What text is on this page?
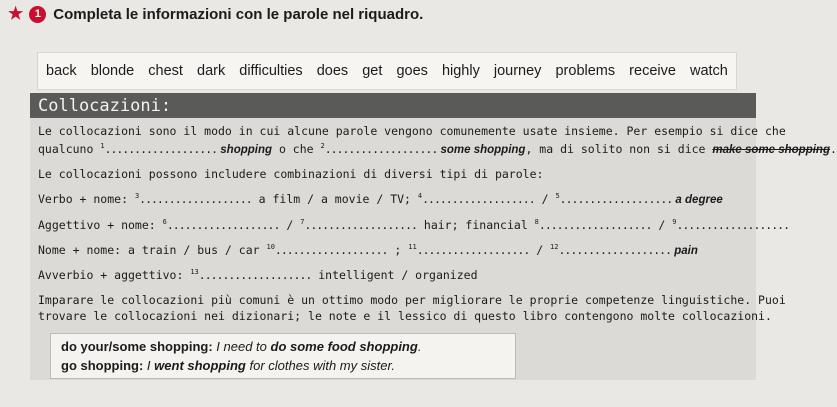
★	1 Completa le informazioni con le parole nel riquadro.
back blonde chest dark difficulties does get goes highly journey problems receive watch
Collocazioni:
Le collocazioni sono il modo in cui alcune parole vengono comunemente usate insieme. Per esempio si dice che
qualcuno $^1$................... shopping o che $^2$................... some shopping, ma di solito non si dice make some shopping.
Le collocazioni possono includere combinazioni di diversi tipi di parole:
Verbo + nome: $^3$................... a film / a movie / TV; $^4$................... / $^5$................... a degree
Aggettivo + nome: $^6$................... / $^7$................... hair; financial $^8$................... / $^9$...................
Nome + nome: a train / bus / car $^{10}$................... ; $^{11}$................... / $^{12}$................... pain
Avverbio + aggettivo: $^{13}$................... intelligent / organized
Imparare le collocazioni più comuni è un ottimo modo per migliorare le proprie competenze linguistiche. Puoi
trovare le collocazioni nei dizionari; le note e il lessico di questo libro contengono molte collocazioni.
do your/some shopping: I need to do some food shopping.
go shopping: I went shopping for clothes with my sister.
